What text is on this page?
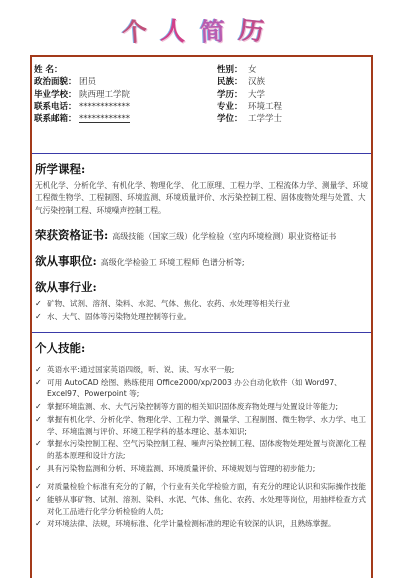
个人简历
姓 名：
政治面貌： 团员
毕业学校： 陕西理工学院
联系电话： ************
联系邮箱： ************
性别： 女
民族： 汉族
学历： 大学
专业： 环境工程
学位： 工学学士
所学课程:
无机化学、分析化学、有机化学、物理化学、 化工原理、工程力学、工程流体力学、测量学、环境工程微生物学、工程制图、环境监测、环境质量评价、水污染控制工程、固体废物处理与处置、大气污染控制工程、环境噪声控制工程。
荣获资格证书: 高级技能（国家三级）化学检验（室内环境检测）职业资格证书
欲从事职位: 高级化学检验工 环境工程师 色谱分析等;
欲从事行业:
✓ 矿物、试剂、溶剂、染料、水泥、气体、焦化、农药、水处理等相关行业
✓ 水、大气、固体等污染物处理控制等行业。
个人技能:
✓ 英语水平:通过国家英语四级，听、说、读、写水平一般;
✓ 可用 AutoCAD 绘图、熟练使用 Office2000/xp/2003 办公自动化软件（如 Word97、Excel97、Powerpoint 等;
✓ 掌握环境监测、水、大气污染控制等方面的相关知识固体废弃物处理与处置设计等能力;
✓ 掌握有机化学、分析化学、物理化学、工程力学、测量学、工程制图、微生物学、水力学、电工学、环境监测与评价、环境工程学科的基本理论、基本知识;
✓ 掌握水污染控制工程、空气污染控制工程、噪声污染控制工程、固体废物处理处置与资源化工程的基本原理和设计方法;
✓ 具有污染物监测和分析、环境监测、环境质量评价、环境规划与管理的初步能力;
✓ 对质量检验个标准有充分的了解，个行业有关化学检验方面，有充分的理论认识和实际操作技能
✓ 能够从事矿物、试剂、溶剂、染料、水泥、气体、焦化、农药、水处理等岗位，用抽样检查方式对化工品进行化学分析检验的人员;
✓ 对环境法律、法规，环境标准、化学计量检测标准的理论有较深的认识，且熟练掌握。
